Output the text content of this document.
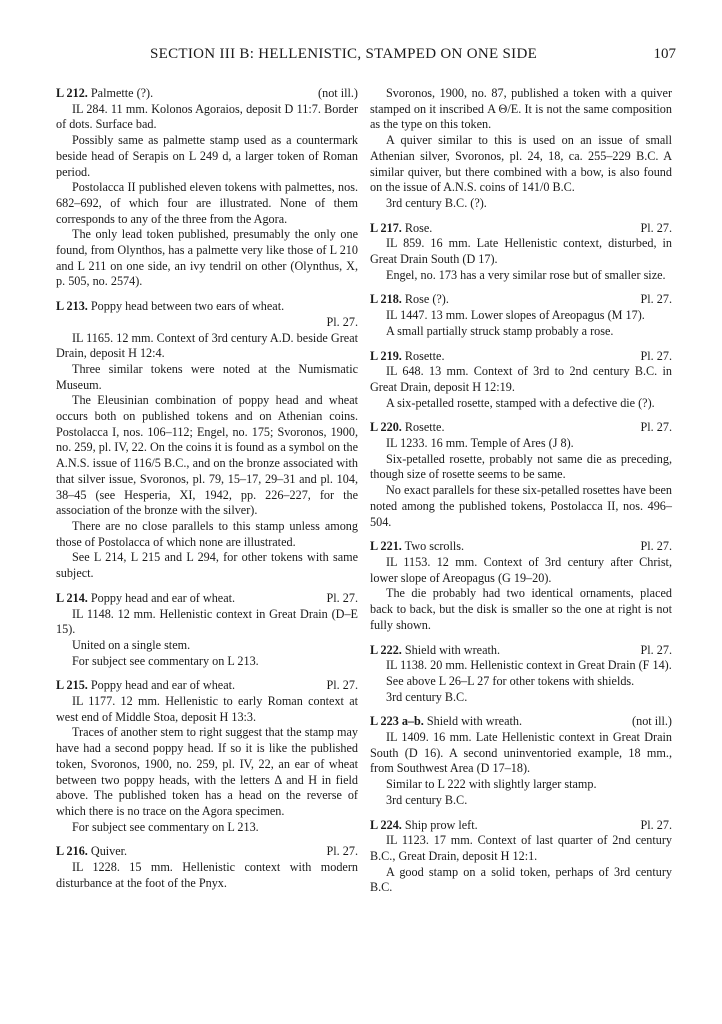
SECTION III B: HELLENISTIC, STAMPED ON ONE SIDE	107
L 212. Palmette (?).	(not ill.)

IL 284. 11 mm. Kolonos Agoraios, deposit D 11:7. Border of dots. Surface bad.

Possibly same as palmette stamp used as a countermark beside head of Serapis on L 249 d, a larger token of Roman period.

Postolacca II published eleven tokens with palmettes, nos. 682–692, of which four are illustrated. None of them corresponds to any of the three from the Agora.

The only lead token published, presumably the only one found, from Olynthos, has a palmette very like those of L 210 and L 211 on one side, an ivy tendril on other (Olynthus, X, p. 505, no. 2574).

L 213. Poppy head between two ears of wheat.
Pl. 27.

IL 1165. 12 mm. Context of 3rd century A.D. beside Great Drain, deposit H 12:4.

Three similar tokens were noted at the Numismatic Museum.

The Eleusinian combination of poppy head and wheat occurs both on published tokens and on Athenian coins. Postolacca I, nos. 106–112; Engel, no. 175; Svoronos, 1900, no. 259, pl. IV, 22. On the coins it is found as a symbol on the A.N.S. issue of 116/5 B.C., and on the bronze associated with that silver issue, Svoronos, pl. 79, 15–17, 29–31 and pl. 104, 38–45 (see Hesperia, XI, 1942, pp. 226–227, for the association of the bronze with the silver).

There are no close parallels to this stamp unless among those of Postolacca of which none are illustrated.

See L 214, L 215 and L 294, for other tokens with same subject.

L 214. Poppy head and ear of wheat.	Pl. 27.

IL 1148. 12 mm. Hellenistic context in Great Drain (D–E 15).

United on a single stem.

For subject see commentary on L 213.

L 215. Poppy head and ear of wheat.	Pl. 27.

IL 1177. 12 mm. Hellenistic to early Roman context at west end of Middle Stoa, deposit H 13:3.

Traces of another stem to right suggest that the stamp may have had a second poppy head. If so it is like the published token, Svoronos, 1900, no. 259, pl. IV, 22, an ear of wheat between two poppy heads, with the letters Δ and H in field above. The published token has a head on the reverse of which there is no trace on the Agora specimen.

For subject see commentary on L 213.

L 216. Quiver.	Pl. 27.

IL 1228. 15 mm. Hellenistic context with modern disturbance at the foot of the Pnyx.

Svoronos, 1900, no. 87, published a token with a quiver stamped on it inscribed Α Θ/Ε. It is not the same composition as the type on this token.

A quiver similar to this is used on an issue of small Athenian silver, Svoronos, pl. 24, 18, ca. 255–229 B.C. A similar quiver, but there combined with a bow, is also found on the issue of A.N.S. coins of 141/0 B.C.

3rd century B.C. (?).

L 217. Rose.	Pl. 27.

IL 859. 16 mm. Late Hellenistic context, disturbed, in Great Drain South (D 17).

Engel, no. 173 has a very similar rose but of smaller size.

L 218. Rose (?).	Pl. 27.

IL 1447. 13 mm. Lower slopes of Areopagus (M 17).

A small partially struck stamp probably a rose.

L 219. Rosette.	Pl. 27.

IL 648. 13 mm. Context of 3rd to 2nd century B.C. in Great Drain, deposit H 12:19.

A six-petalled rosette, stamped with a defective die (?).

L 220. Rosette.	Pl. 27.

IL 1233. 16 mm. Temple of Ares (J 8).

Six-petalled rosette, probably not same die as preceding, though size of rosette seems to be same.

No exact parallels for these six-petalled rosettes have been noted among the published tokens, Postolacca II, nos. 496–504.

L 221. Two scrolls.	Pl. 27.

IL 1153. 12 mm. Context of 3rd century after Christ, lower slope of Areopagus (G 19–20).

The die probably had two identical ornaments, placed back to back, but the disk is smaller so the one at right is not fully shown.

L 222. Shield with wreath.	Pl. 27.

IL 1138. 20 mm. Hellenistic context in Great Drain (F 14).

See above L 26–L 27 for other tokens with shields.

3rd century B.C.

L 223 a–b. Shield with wreath.	(not ill.)

IL 1409. 16 mm. Late Hellenistic context in Great Drain South (D 16). A second uninventoried example, 18 mm., from Southwest Area (D 17–18).

Similar to L 222 with slightly larger stamp.

3rd century B.C.

L 224. Ship prow left.	Pl. 27.

IL 1123. 17 mm. Context of last quarter of 2nd century B.C., Great Drain, deposit H 12:1.

A good stamp on a solid token, perhaps of 3rd century B.C.
